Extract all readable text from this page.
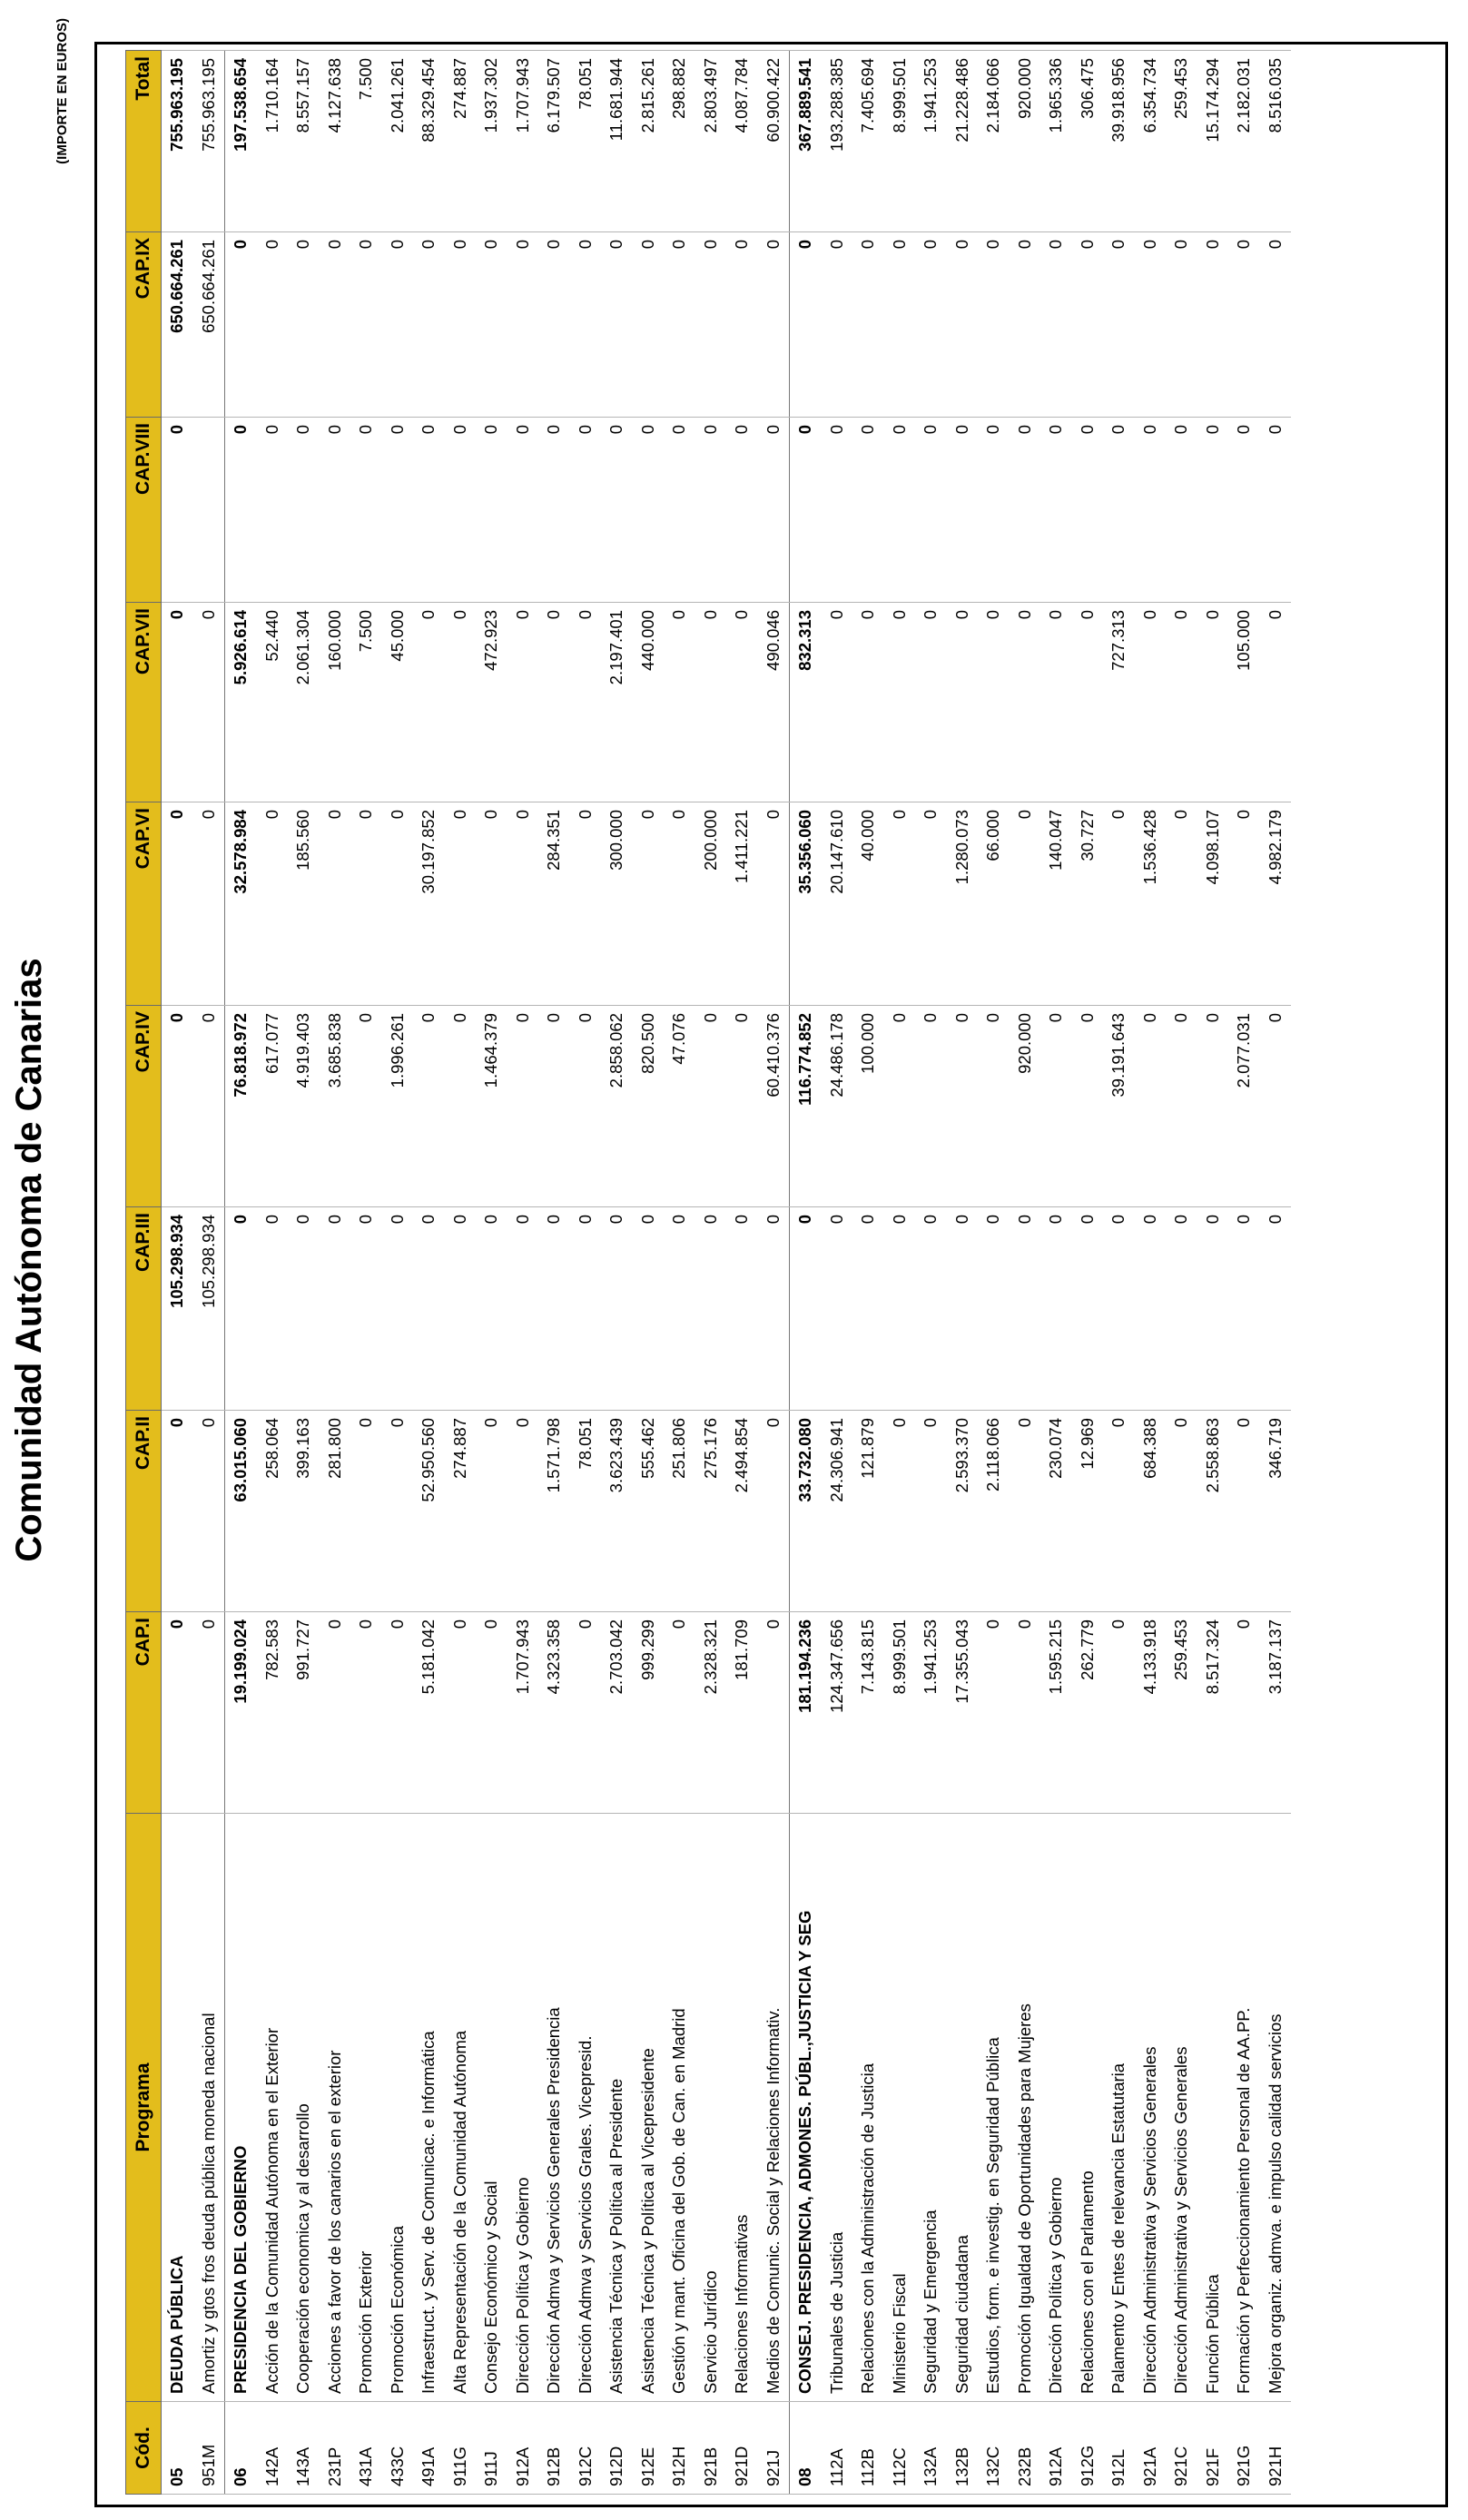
Comunidad Autónoma de Canarias
(IMPORTE EN EUROS)
Cód.	Programa	CAP.I	CAP.II	CAP.III	CAP.IV	CAP.VI	CAP.VII	CAP.VIII	CAP.IX	Total
05	DEUDA PÚBLICA	0	0	105.298.934	0	0	0	0	650.664.261	755.963.195
951M	Amortiz y gtos fros deuda pública moneda nacional	0	0	105.298.934	0	0	0		650.664.261	755.963.195
06	PRESIDENCIA DEL GOBIERNO	19.199.024	63.015.060	0	76.818.972	32.578.984	5.926.614	0	0	197.538.654
142A	Acción de la Comunidad Autónoma en el Exterior	782.583	258.064	0	617.077	0	52.440	0	0	1.710.164
143A	Cooperación economica y al desarrollo	991.727	399.163	0	4.919.403	185.560	2.061.304	0	0	8.557.157
231P	Acciones a favor de los canarios en el exterior	0	281.800	0	3.685.838	0	160.000	0	0	4.127.638
431A	Promoción Exterior	0	0	0	0	0	7.500	0	0	7.500
433C	Promoción Económica	0	0	0	1.996.261	0	45.000	0	0	2.041.261
491A	Infraestruct. y Serv. de Comunicac. e Informática	5.181.042	52.950.560	0	0	30.197.852	0	0	0	88.329.454
911G	Alta Representación de la Comunidad Autónoma	0	274.887	0	0	0	0	0	0	274.887
911J	Consejo Económico y Social	0	0	0	1.464.379	0	472.923	0	0	1.937.302
912A	Dirección Política y Gobierno	1.707.943	0	0	0	0	0	0	0	1.707.943
912B	Dirección Admva y Servicios Generales Presidencia	4.323.358	1.571.798	0	0	284.351	0	0	0	6.179.507
912C	Dirección Admva y Servicios Grales. Vicepresid.	0	78.051	0	0	0	0	0	0	78.051
912D	Asistencia Técnica y Política al Presidente	2.703.042	3.623.439	0	2.858.062	300.000	2.197.401	0	0	11.681.944
912E	Asistencia Técnica y Política al Vicepresidente	999.299	555.462	0	820.500	0	440.000	0	0	2.815.261
912H	Gestión y mant. Oficina del Gob. de Can. en Madrid	0	251.806	0	47.076	0	0	0	0	298.882
921B	Servicio Jurídico	2.328.321	275.176	0	0	200.000	0	0	0	2.803.497
921D	Relaciones Informativas	181.709	2.494.854	0	0	1.411.221	0	0	0	4.087.784
921J	Medios de Comunic. Social y Relaciones Informativ.	0	0	0	60.410.376	0	490.046	0	0	60.900.422
08	CONSEJ. PRESIDENCIA, ADMONES. PÚBL.,JUSTICIA Y SEG	181.194.236	33.732.080	0	116.774.852	35.356.060	832.313	0	0	367.889.541
112A	Tribunales de Justicia	124.347.656	24.306.941	0	24.486.178	20.147.610	0	0	0	193.288.385
112B	Relaciones con la Administración de Justicia	7.143.815	121.879	0	100.000	40.000	0	0	0	7.405.694
112C	Ministerio Fiscal	8.999.501	0	0	0	0	0	0	0	8.999.501
132A	Seguridad y Emergencia	1.941.253	0	0	0	0	0	0	0	1.941.253
132B	Seguridad ciudadana	17.355.043	2.593.370	0	0	1.280.073	0	0	0	21.228.486
132C	Estudios, form. e investig. en Seguridad Pública	0	2.118.066	0	0	66.000	0	0	0	2.184.066
232B	Promoción Igualdad de Oportunidades para Mujeres	0	0	0	920.000	0	0	0	0	920.000
912A	Dirección Política y Gobierno	1.595.215	230.074	0	0	140.047	0	0	0	1.965.336
912G	Relaciones con el Parlamento	262.779	12.969	0	0	30.727	0	0	0	306.475
912L	Palamento y Entes de relevancia Estatutaria	0	0	0	39.191.643	0	727.313	0	0	39.918.956
921A	Dirección Administrativa y Servicios Generales	4.133.918	684.388	0	0	1.536.428	0	0	0	6.354.734
921C	Dirección Administrativa y Servicios Generales	259.453	0	0	0	0	0	0	0	259.453
921F	Función Pública	8.517.324	2.558.863	0	0	4.098.107	0	0	0	15.174.294
921G	Formación y Perfeccionamiento Personal de AA.PP.	0	0	0	2.077.031	0	105.000	0	0	2.182.031
921H	Mejora organiz. admva. e impulso calidad servicios	3.187.137	346.719	0	0	4.982.179	0	0	0	8.516.035
